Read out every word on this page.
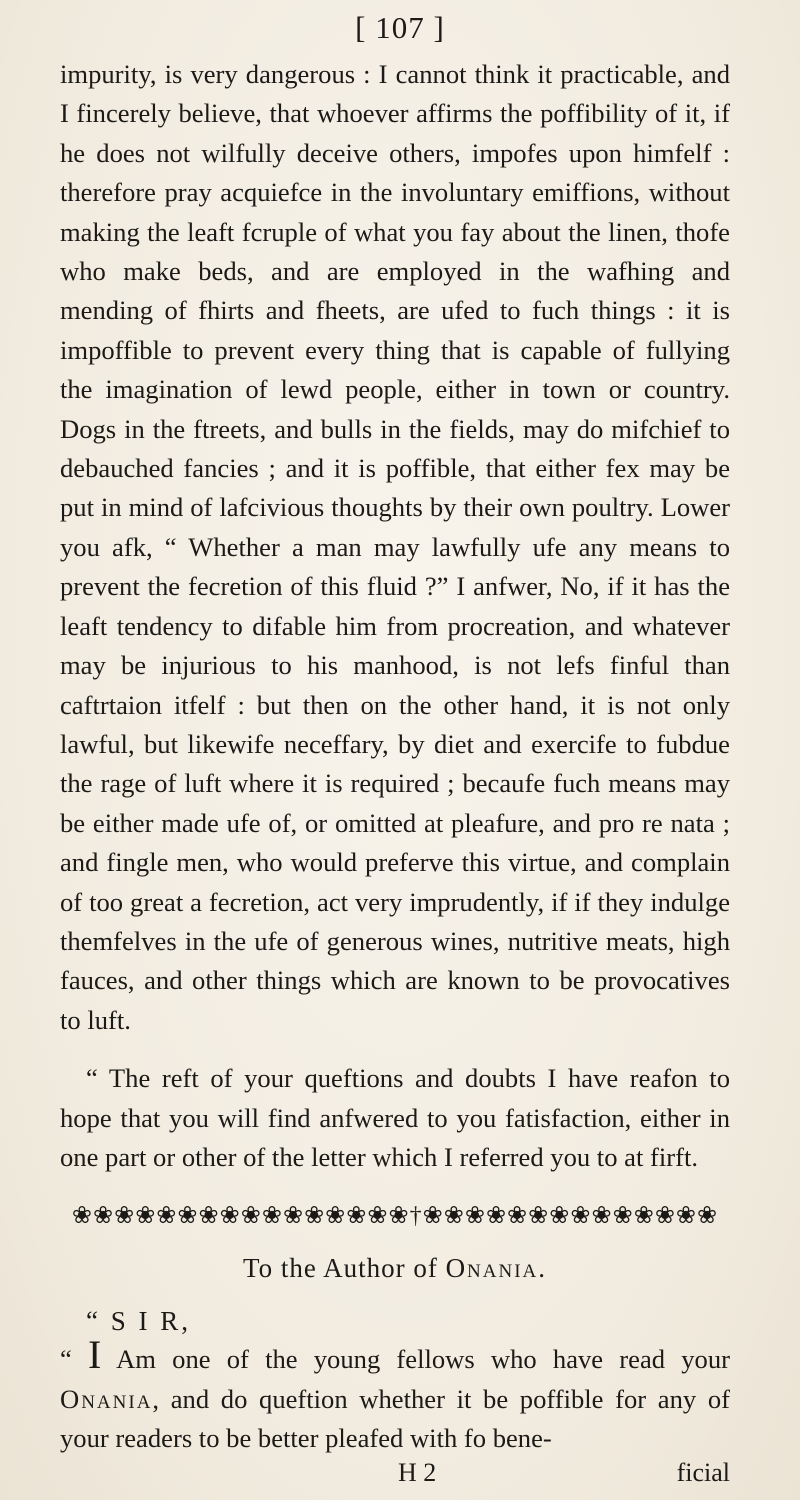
[ 107 ]

impurity, is very dangerous : I cannot think it practicable, and I fincerely believe, that whoever affirms the poffibility of it, if he does not wilfully deceive others, impofes upon himfelf : therefore pray acquiefce in the involuntary emiffions, without making the leaft fcruple of what you fay about the linen, thofe who make beds, and are employed in the wafhing and mending of fhirts and fheets, are ufed to fuch things : it is impoffible to prevent every thing that is capable of fullying the imagination of lewd people, either in town or country. Dogs in the ftreets, and bulls in the fields, may do mifchief to debauched fancies ; and it is poffible, that either fex may be put in mind of lafcivious thoughts by their own poultry. Lower you afk, “ Whether a man may lawfully ufe any means to prevent the fecretion of this fluid ?” I anfwer, No, if it has the leaft tendency to difable him from procreation, and whatever may be injurious to his manhood, is not lefs finful than caftrtaion itfelf : but then on the other hand, it is not only lawful, but likewife neceffary, by diet and exercife to fubdue the rage of luft where it is required ; becaufe fuch means may be either made ufe of, or omitted at pleafure, and pro re nata ; and fingle men, who would preferve this virtue, and complain of too great a fecretion, act very imprudently, if if they indulge themfelves in the ufe of generous wines, nutritive meats, high fauces, and other things which are known to be provocatives to luft.

“ The reft of your queftions and doubts I have reafon to hope that you will find anfwered to you fatisfaction, either in one part or other of the letter which I referred you to at firft.

❀❀❀❀❀❀❀❀❀❀❀❀❀❀❀❀†❀❀❀❀❀❀❀❀❀❀❀❀❀❀
To the Author of Onania.
“ S I R,

“ I Am one of the young fellows who have read your Onania, and do queftion whether it be poffible for any of your readers to be better pleafed with fo bene-

H 2	ficial
